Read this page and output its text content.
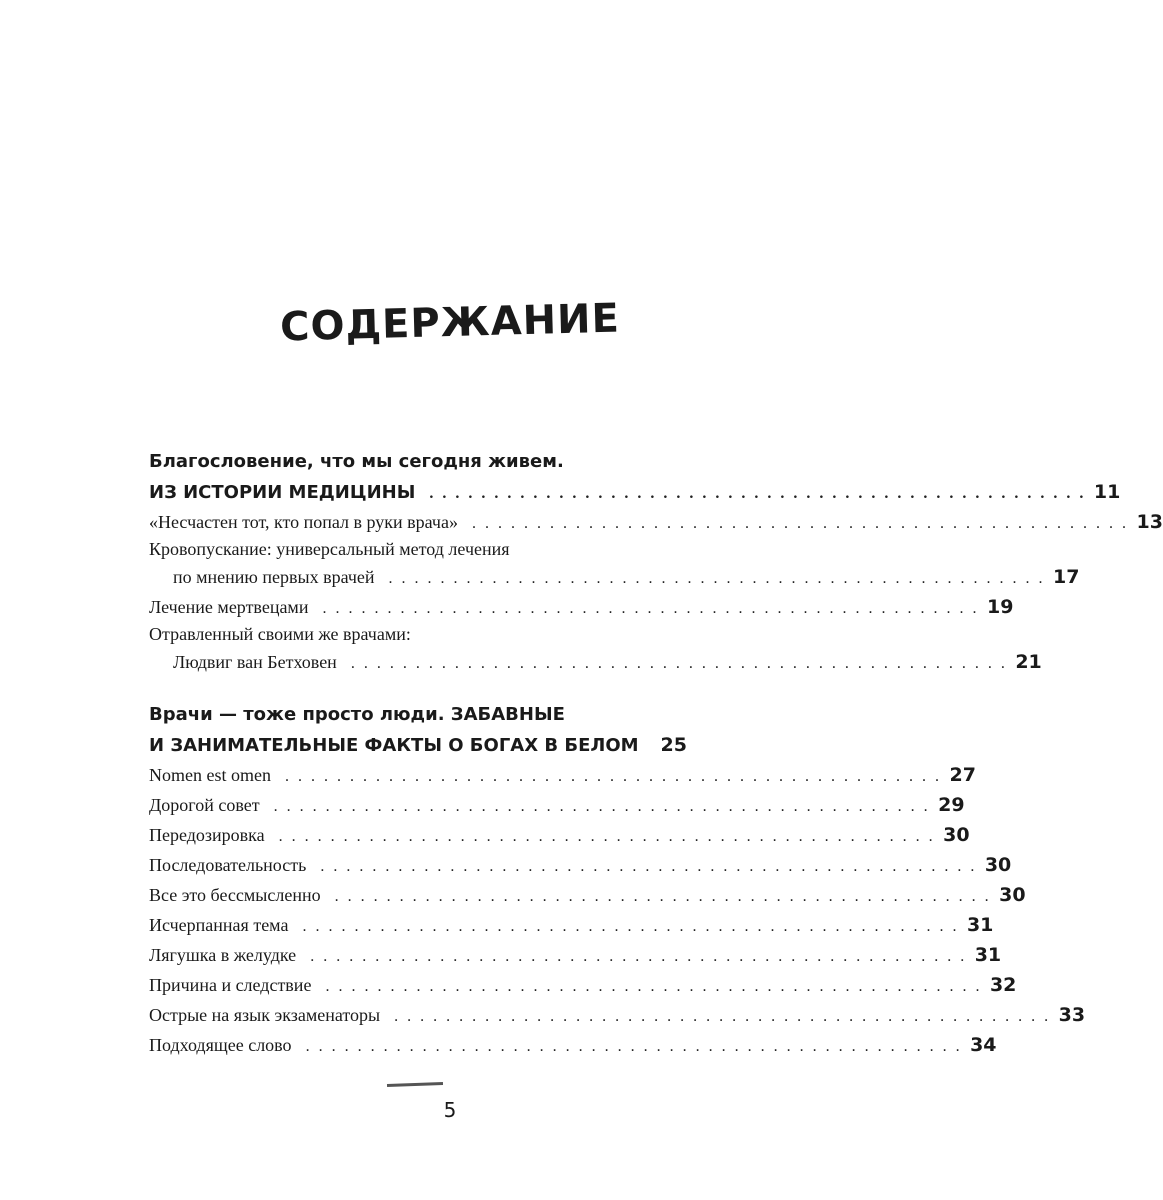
СОДЕРЖАНИЕ
Благословение, что мы сегодня живем.
ИЗ ИСТОРИИ МЕДИЦИНЫ . . . . . . . . . . . . . . . . . . . . . . . . . . . . . . . . . . . . . . . . . . . . . . . . . . . 11
«Несчастен тот, кто попал в руки врача» . . . . . . . . . . . . . . . . . . . . . . . . . . . . . . . . . . . . . . . . . . . . . . . . . . . 13
Кровопускание: универсальный метод лечения
по мнению первых врачей . . . . . . . . . . . . . . . . . . . . . . . . . . . . . . . . . . . . . . . . . . . . . . . . . . . 17
Лечение мертвецами . . . . . . . . . . . . . . . . . . . . . . . . . . . . . . . . . . . . . . . . . . . . . . . . . . . 19
Отравленный своими же врачами:
Людвиг ван Бетховен . . . . . . . . . . . . . . . . . . . . . . . . . . . . . . . . . . . . . . . . . . . . . . . . . . . 21
Врачи — тоже просто люди. ЗАБАВНЫЕ
И ЗАНИМАТЕЛЬНЫЕ ФАКТЫ О БОГАХ В БЕЛОМ 25
Nomen est omen . . . . . . . . . . . . . . . . . . . . . . . . . . . . . . . . . . . . . . . . . . . . . . . . . . . 27
Дорогой совет . . . . . . . . . . . . . . . . . . . . . . . . . . . . . . . . . . . . . . . . . . . . . . . . . . . 29
Передозировка . . . . . . . . . . . . . . . . . . . . . . . . . . . . . . . . . . . . . . . . . . . . . . . . . . . 30
Последовательность . . . . . . . . . . . . . . . . . . . . . . . . . . . . . . . . . . . . . . . . . . . . . . . . . . . 30
Все это бессмысленно . . . . . . . . . . . . . . . . . . . . . . . . . . . . . . . . . . . . . . . . . . . . . . . . . . . 30
Исчерпанная тема . . . . . . . . . . . . . . . . . . . . . . . . . . . . . . . . . . . . . . . . . . . . . . . . . . . 31
Лягушка в желудке . . . . . . . . . . . . . . . . . . . . . . . . . . . . . . . . . . . . . . . . . . . . . . . . . . . 31
Причина и следствие . . . . . . . . . . . . . . . . . . . . . . . . . . . . . . . . . . . . . . . . . . . . . . . . . . . 32
Острые на язык экзаменаторы . . . . . . . . . . . . . . . . . . . . . . . . . . . . . . . . . . . . . . . . . . . . . . . . . . . 33
Подходящее слово . . . . . . . . . . . . . . . . . . . . . . . . . . . . . . . . . . . . . . . . . . . . . . . . . . . 34
5
